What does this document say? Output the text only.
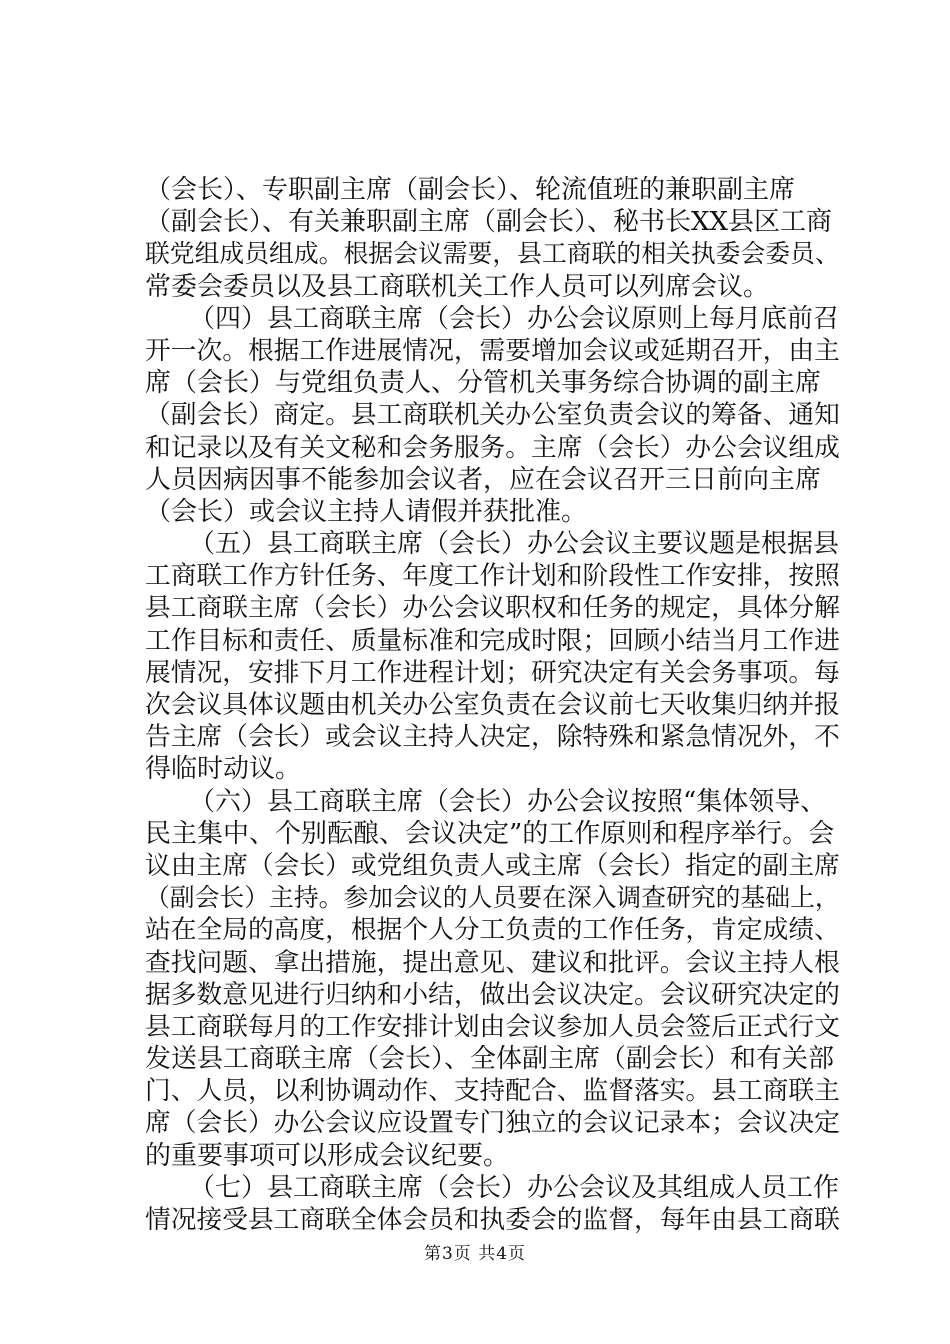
（会长）、专职副主席（副会长）、轮流值班的兼职副主席
（副会长）、有关兼职副主席（副会长）、秘书长XX县区工商
联党组成员组成。根据会议需要，县工商联的相关执委会委员、
常委会委员以及县工商联机关工作人员可以列席会议。
（四）县工商联主席（会长）办公会议原则上每月底前召
开一次。根据工作进展情况，需要增加会议或延期召开，由主
席（会长）与党组负责人、分管机关事务综合协调的副主席
（副会长）商定。县工商联机关办公室负责会议的筹备、通知
和记录以及有关文秘和会务服务。主席（会长）办公会议组成
人员因病因事不能参加会议者，应在会议召开三日前向主席
（会长）或会议主持人请假并获批准。
（五）县工商联主席（会长）办公会议主要议题是根据县
工商联工作方针任务、年度工作计划和阶段性工作安排，按照
县工商联主席（会长）办公会议职权和任务的规定，具体分解
工作目标和责任、质量标准和完成时限；回顾小结当月工作进
展情况，安排下月工作进程计划；研究决定有关会务事项。每
次会议具体议题由机关办公室负责在会议前七天收集归纳并报
告主席（会长）或会议主持人决定，除特殊和紧急情况外，不
得临时动议。
（六）县工商联主席（会长）办公会议按照“集体领导、
民主集中、个别酝酿、会议决定”的工作原则和程序举行。会
议由主席（会长）或党组负责人或主席（会长）指定的副主席
（副会长）主持。参加会议的人员要在深入调查研究的基础上，
站在全局的高度，根据个人分工负责的工作任务，肯定成绩、
查找问题、拿出措施，提出意见、建议和批评。会议主持人根
据多数意见进行归纳和小结，做出会议决定。会议研究决定的
县工商联每月的工作安排计划由会议参加人员会签后正式行文
发送县工商联主席（会长）、全体副主席（副会长）和有关部
门、人员，以利协调动作、支持配合、监督落实。县工商联主
席（会长）办公会议应设置专门独立的会议记录本；会议决定
的重要事项可以形成会议纪要。
（七）县工商联主席（会长）办公会议及其组成人员工作
情况接受县工商联全体会员和执委会的监督，每年由县工商联
第3页 共4页
